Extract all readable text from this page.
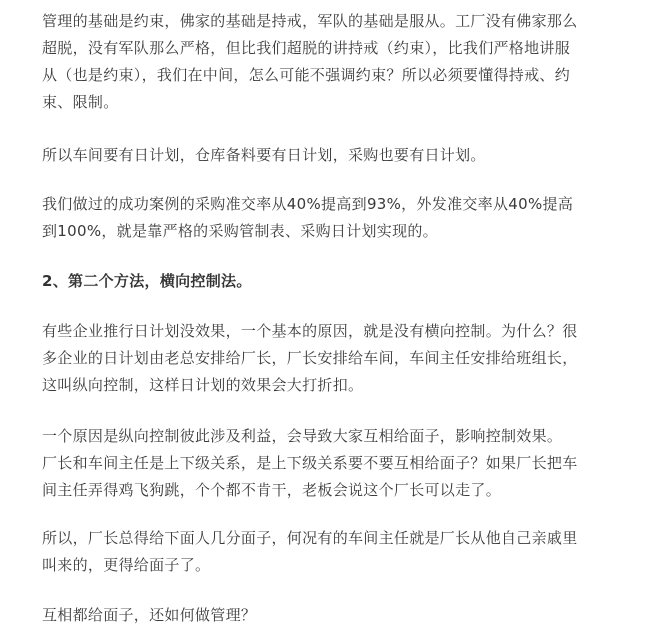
管理的基础是约束，佛家的基础是持戒，军队的基础是服从。工厂没有佛家那么
超脱，没有军队那么严格，但比我们超脱的讲持戒（约束），比我们严格地讲服
从（也是约束），我们在中间，怎么可能不强调约束？所以必须要懂得持戒、约
束、限制。

所以车间要有日计划，仓库备料要有日计划，采购也要有日计划。

我们做过的成功案例的采购准交率从40%提高到93%，外发准交率从40%提高
到100%，就是靠严格的采购管制表、采购日计划实现的。

2、第二个方法，横向控制法。

有些企业推行日计划没效果，一个基本的原因，就是没有横向控制。为什么？很
多企业的日计划由老总安排给厂长，厂长安排给车间，车间主任安排给班组长，
这叫纵向控制，这样日计划的效果会大打折扣。

一个原因是纵向控制彼此涉及利益，会导致大家互相给面子，影响控制效果。
厂长和车间主任是上下级关系，是上下级关系要不要互相给面子？如果厂长把车
间主任弄得鸡飞狗跳，个个都不肯干，老板会说这个厂长可以走了。

所以，厂长总得给下面人几分面子，何况有的车间主任就是厂长从他自己亲戚里
叫来的，更得给面子了。

互相都给面子，还如何做管理？
